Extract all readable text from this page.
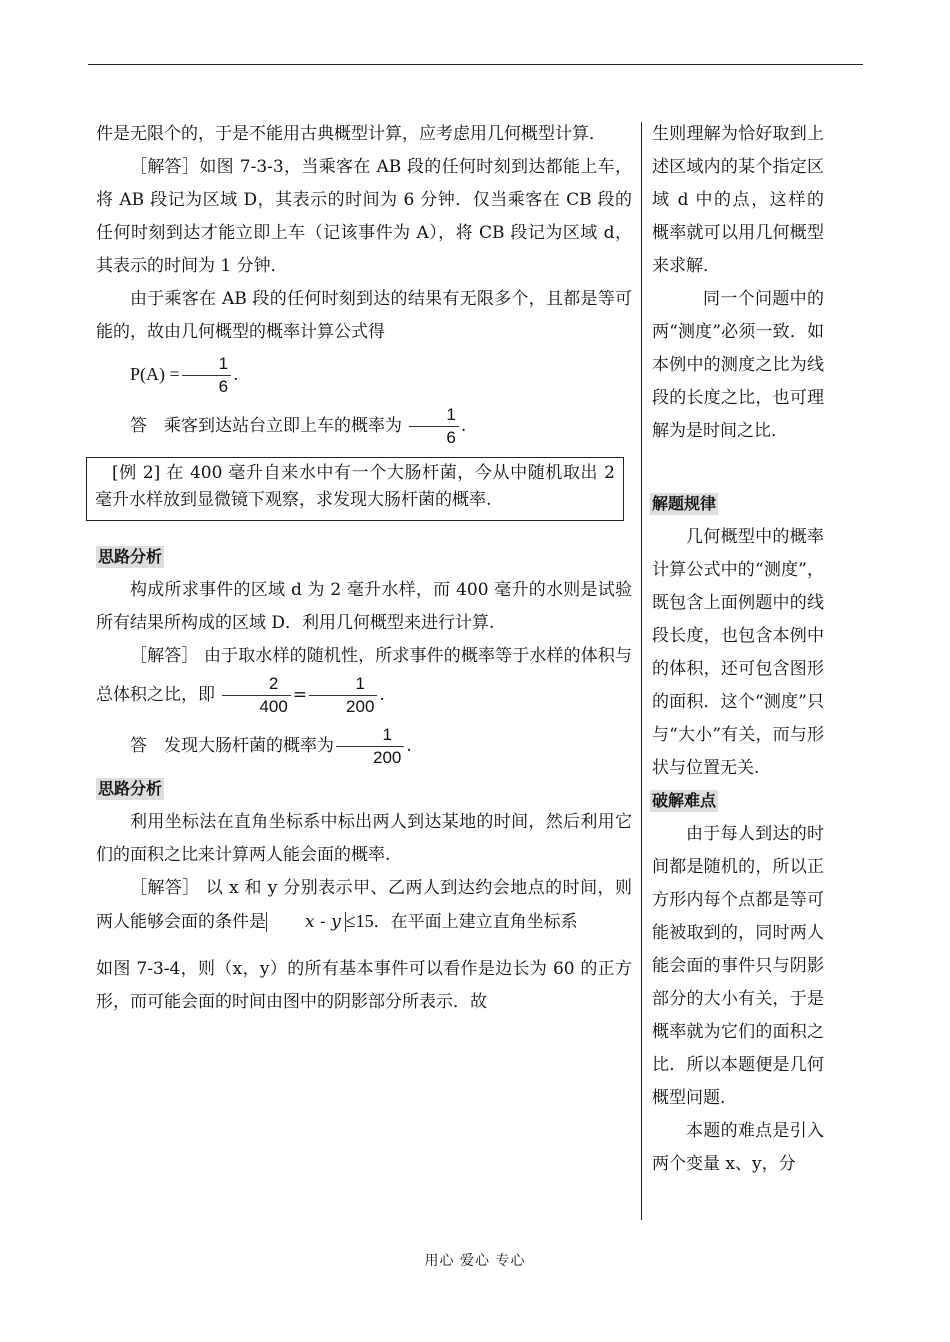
件是无限个的，于是不能用古典概型计算，应考虑用几何概型计算．

［解答］如图 7-3-3，当乘客在 AB 段的任何时刻到达都能上车，将 AB 段记为区域 D，其表示的时间为 6 分钟．仅当乘客在 CB 段的任何时刻到达才能立即上车（记该事件为 A），将 CB 段记为区域 d，其表示的时间为 1 分钟．

由于乘客在 AB 段的任何时刻到达的结果有无限多个，且都是等可能的，故由几何概型的概率计算公式得

$P(A) = \frac{1}{6}$ .

答　乘客到达站台立即上车的概率为 $\frac{1}{6}$ .

[例 2] 在 400 毫升自来水中有一个大肠杆菌，今从中随机取出 2 毫升水样放到显微镜下观察，求发现大肠杆菌的概率.

思路分析

构成所求事件的区域 d 为 2 毫升水样，而 400 毫升的水则是试验所有结果所构成的区域 D．利用几何概型来进行计算.

［解答］ 由于取水样的随机性，所求事件的概率等于水样的体积与总体积之比，即 $\frac{2}{400} = \frac{1}{200}$ .

答　发现大肠杆菌的概率为 $\frac{1}{200}$ .

思路分析

利用坐标法在直角坐标系中标出两人到达某地的时间，然后利用它们的面积之比来计算两人能会面的概率.

［解答］ 以 x 和 y 分别表示甲、乙两人到达约会地点的时间，则两人能够会面的条件是 x - y ≤15．在平面上建立直角坐标系

如图 7-3-4，则（x，y）的所有基本事件可以看作是边长为 60 的正方形，而可能会面的时间由图中的阴影部分所表示．故

生则理解为恰好取到上述区域内的某个指定区域 d 中的点，这样的概率就可以用几何概型来求解．

同一个问题中的两“测度”必须一致．如本例中的测度之比为线段的长度之比，也可理解为是时间之比．

解题规律

几何概型中的概率计算公式中的“测度”，既包含上面例题中的线段长度，也包含本例中的体积，还可包含图形的面积．这个“测度”只与“大小”有关，而与形状与位置无关.

破解难点

由于每人到达的时间都是随机的，所以正方形内每个点都是等可能被取到的，同时两人能会面的事件只与阴影部分的大小有关，于是概率就为它们的面积之比．所以本题便是几何概型问题.

本题的难点是引入两个变量 x、y，分

用心 爱心 专心
